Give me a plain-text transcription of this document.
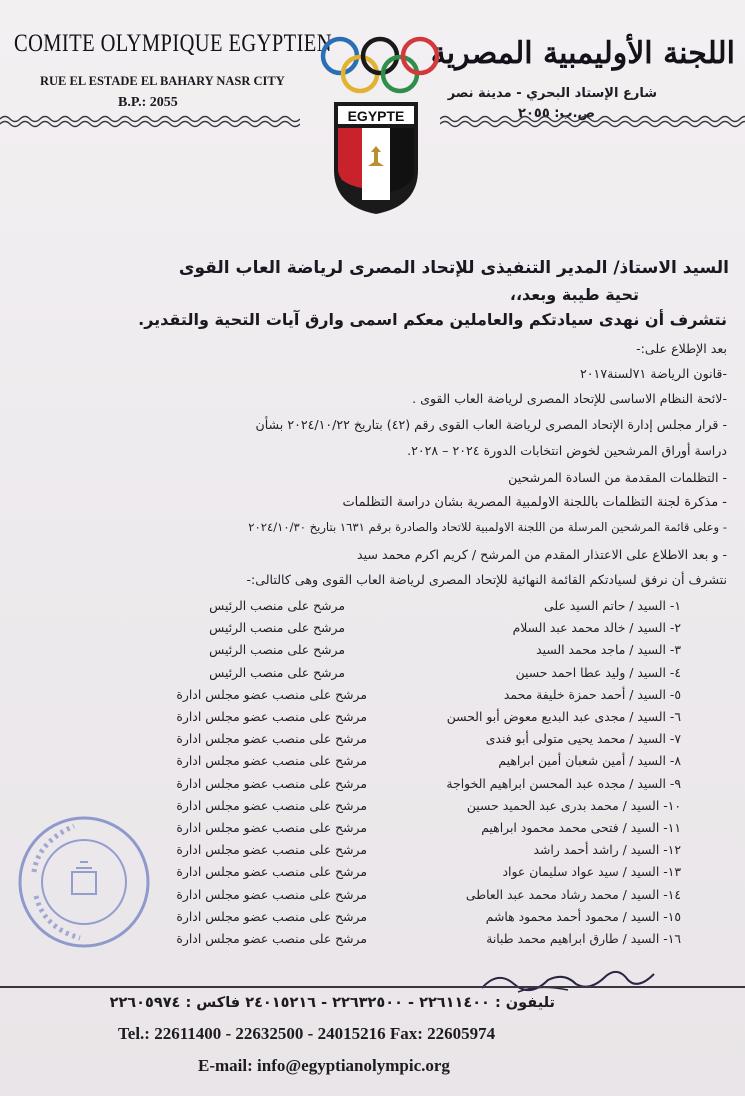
COMITE OLYMPIQUE EGYPTIEN
RUE EL ESTADE EL BAHARY NASR CITY
B.P.: 2055
اللجنة الأوليمبية المصرية
شارع الإستاد البحري - مدينة نصر
ص.ب: ٢٠٥٥
EGYPTE
السيد الاستاذ/ المدير التنفيذى للإتحاد المصرى لرياضة العاب القوى
تحية طيبة وبعد،،
نتشرف أن نهدى سيادتكم والعاملين معكم اسمى وارق آيات التحية والتقدير.
بعد الإطلاع على:-
-قانون الرياضة ٧١لسنة٢٠١٧
-لائحة النظام الاساسى للإتحاد المصرى لرياضة العاب القوى .
- قرار مجلس إدارة الإتحاد المصرى لرياضة العاب القوى رقم (٤٢) بتاريخ ٢٠٢٤/١٠/٢٢ بشأن
دراسة أوراق المرشحين لخوض انتخابات الدورة ٢٠٢٤ – ٢٠٢٨.
- التظلمات المقدمة من السادة المرشحين
- مذكرة لجنة التظلمات باللجنة الاولمبية المصرية بشان دراسة التظلمات
- وعلى قائمة المرشحين المرسلة من اللجنة الاولمبية للاتحاد والصادرة برقم ١٦٣١ بتاريخ ٢٠٢٤/١٠/٣٠
- و بعد الاطلاع على الاعتذار المقدم من المرشح / كريم اكرم محمد سيد
نتشرف أن نرفق لسيادتكم القائمة النهائية للإتحاد المصرى لرياضة العاب القوى وهى كالتالى:-
١- السيد / حاتم السيد على
مرشح على منصب الرئيس
٢- السيد / خالد محمد عبد السلام
مرشح على منصب الرئيس
٣- السيد / ماجد محمد السيد
مرشح على منصب الرئيس
٤- السيد / وليد عطا احمد حسين
مرشح على منصب الرئيس
٥- السيد / أحمد حمزة خليفة محمد
مرشح على منصب عضو مجلس ادارة
٦- السيد / مجدى عبد البديع معوض أبو الحسن
مرشح على منصب عضو مجلس ادارة
٧- السيد / محمد يحيى متولى أبو فندى
مرشح على منصب عضو مجلس ادارة
٨- السيد / أمين شعبان أمين ابراهيم
مرشح على منصب عضو مجلس ادارة
٩- السيد / مجده عبد المحسن ابراهيم الخواجة
مرشح على منصب عضو مجلس ادارة
١٠- السيد / محمد بدرى عبد الحميد حسين
مرشح على منصب عضو مجلس ادارة
١١- السيد / فتحى محمد محمود ابراهيم
مرشح على منصب عضو مجلس ادارة
١٢- السيد / راشد أحمد راشد
مرشح على منصب عضو مجلس ادارة
١٣- السيد / سيد عواد سليمان عواد
مرشح على منصب عضو مجلس ادارة
١٤- السيد / محمد رشاد محمد عبد العاطى
مرشح على منصب عضو مجلس ادارة
١٥- السيد / محمود أحمد محمود هاشم
مرشح على منصب عضو مجلس ادارة
١٦- السيد / طارق ابراهيم محمد طبانة
مرشح على منصب عضو مجلس ادارة
تليفون : ٢٢٦١١٤٠٠ - ٢٢٦٣٢٥٠٠ - ٢٤٠١٥٢١٦ فاكس : ٢٢٦٠٥٩٧٤
Tel.: 22611400 - 22632500 - 24015216 Fax: 22605974
E-mail: info@egyptianolympic.org
